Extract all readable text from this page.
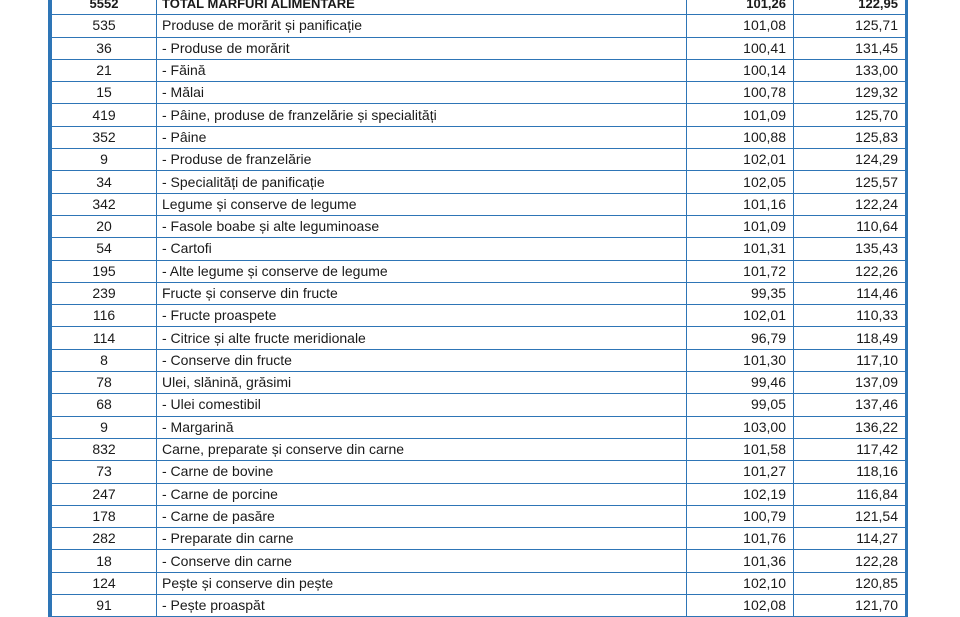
5552	TOTAL MARFURI ALIMENTARE	101,26	122,95
535	Produse de morărit și panificație	101,08	125,71
36	- Produse de morărit	100,41	131,45
21	- Făină	100,14	133,00
15	- Mălai	100,78	129,32
419	- Pâine, produse de franzelărie și specialități	101,09	125,70
352	- Pâine	100,88	125,83
9	- Produse de franzelărie	102,01	124,29
34	- Specialități de panificație	102,05	125,57
342	Legume și conserve de legume	101,16	122,24
20	- Fasole boabe și alte leguminoase	101,09	110,64
54	- Cartofi	101,31	135,43
195	- Alte legume și conserve de legume	101,72	122,26
239	Fructe și conserve din fructe	99,35	114,46
116	- Fructe proaspete	102,01	110,33
114	- Citrice și alte fructe meridionale	96,79	118,49
8	- Conserve din fructe	101,30	117,10
78	Ulei, slănină, grăsimi	99,46	137,09
68	- Ulei comestibil	99,05	137,46
9	- Margarină	103,00	136,22
832	Carne, preparate și conserve din carne	101,58	117,42
73	- Carne de bovine	101,27	118,16
247	- Carne de porcine	102,19	116,84
178	- Carne de pasăre	100,79	121,54
282	- Preparate din carne	101,76	114,27
18	- Conserve din carne	101,36	122,28
124	Pește și conserve din pește	102,10	120,85
91	- Pește proaspăt	102,08	121,70
